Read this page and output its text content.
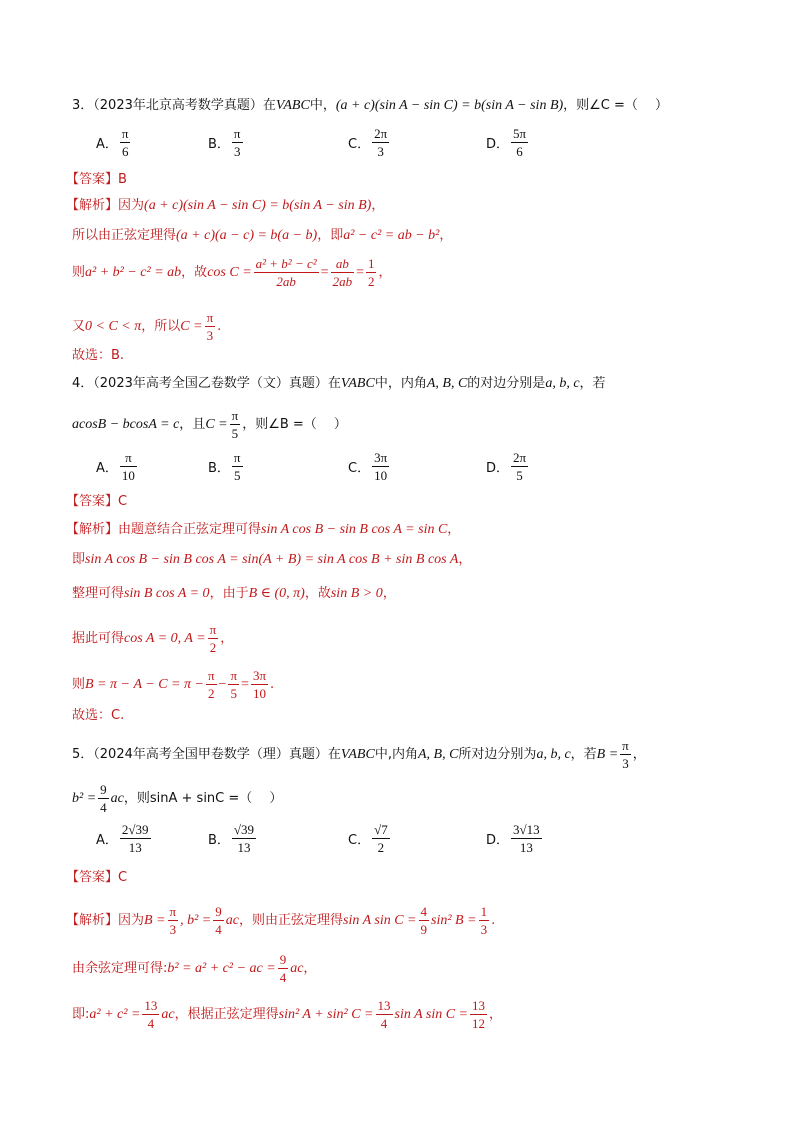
3．（2023年北京高考数学真题）在VABC中，(a + c)(sin A − sin C) = b(sin A − sin B)，则∠C =（　 ）
A． $\frac{\pi}{6}$	B． $\frac{\pi}{3}$	C． $\frac{2\pi}{3}$	D． $\frac{5\pi}{6}$
【答案】B
【解析】因为(a + c)(sin A − sin C) = b(sin A − sin B)，
所以由正弦定理得(a + c)(a − c) = b(a − b)，即a² − c² = ab − b²，
则a² + b² − c² = ab，故$\cos C = \frac{\text{a² + b² − c²}}{2ab} = \frac{ab}{2ab} = \frac{1}{2}$ ，
又0 < C < π，所以$C = \frac{\pi}{3}$ .
故选：B.
4．（2023年高考全国乙卷数学（文）真题）在VABC中，内角A, B, C的对边分别是a, b, c，若
acosB − bcosA = c，且$C = \frac{\pi}{5}$ ，则∠B =（　 ）
A． $\frac{\pi}{10}$	B． $\frac{\pi}{5}$	C． $\frac{3\pi}{10}$	D． $\frac{2\pi}{5}$
【答案】C
【解析】由题意结合正弦定理可得sin A cos B − sin B cos A = sin C，
即sin A cos B − sin B cos A = sin(A + B) = sin A cos B + sin B cos A，
整理可得sin B cos A = 0，由于B ∈ (0, π)，故sin B > 0，
据此可得cos A = 0, $A = \frac{\pi}{2}$ ，
则$B = \pi - A - C = \pi - \frac{\pi}{2} - \frac{\pi}{5} = \frac{3\pi}{10}$ .
故选：C.
5．（2024年高考全国甲卷数学（理）真题）在VABC中,内角A, B, C所对边分别为a, b, c，若$B = \frac{\pi}{3}$ ，
$b^2 = \frac{9}{4}$ ac，则sinA + sinC =（　 ）
A． $\frac{2√39}{13}$	B． $\frac{√39}{13}$	C． $\frac{√7}{2}$	D． $\frac{3√13}{13}$
【答案】C
【解析】因为$B = \frac{\pi}{3}$ , $b^2 = \frac{9}{4}$ ac，则由正弦定理得sin A $\sin C = \frac{4}{9} \sin^2$ $B = \frac{1}{3}$ .
由余弦定理可得:b² = a² + c² − ac = $\frac{9}{4}$ ac，
即:a² + $c^2 = \frac{13}{4}$ ac，根据正弦定理得sin² A + sin² $C = \frac{13}{4}$ sin A $\sin C = \frac{13}{12}$ ，
